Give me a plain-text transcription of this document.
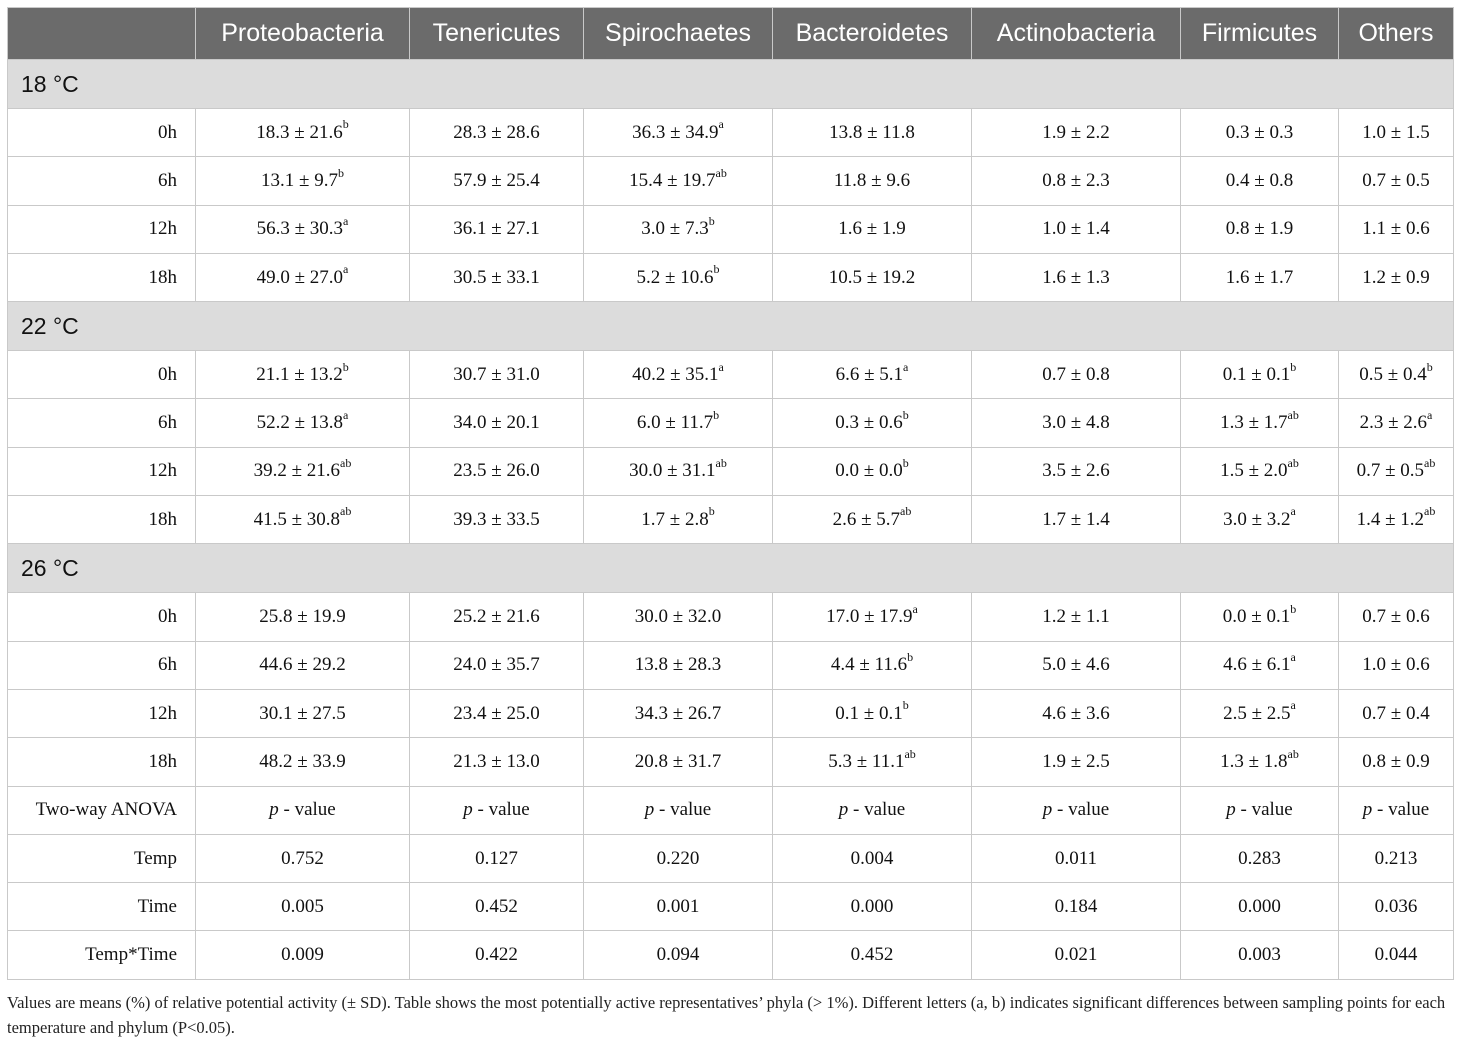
	Proteobacteria	Tenericutes	Spirochaetes	Bacteroidetes	Actinobacteria	Firmicutes	Others
18 °C							
0h	18.3 ± 21.6$^b$	28.3 ± 28.6	36.3 ± 34.9$^a$	13.8 ± 11.8	1.9 ± 2.2	0.3 ± 0.3	1.0 ± 1.5
6h	13.1 ± 9.7$^b$	57.9 ± 25.4	15.4 ± 19.7$^{ab}$	11.8 ± 9.6	0.8 ± 2.3	0.4 ± 0.8	0.7 ± 0.5
12h	56.3 ± 30.3$^a$	36.1 ± 27.1	3.0 ± 7.3$^b$	1.6 ± 1.9	1.0 ± 1.4	0.8 ± 1.9	1.1 ± 0.6
18h	49.0 ± 27.0$^a$	30.5 ± 33.1	5.2 ± 10.6$^b$	10.5 ± 19.2	1.6 ± 1.3	1.6 ± 1.7	1.2 ± 0.9
22 °C							
0h	21.1 ± 13.2$^b$	30.7 ± 31.0	40.2 ± 35.1$^a$	6.6 ± 5.1$^a$	0.7 ± 0.8	0.1 ± 0.1$^b$	0.5 ± 0.4$^b$
6h	52.2 ± 13.8$^a$	34.0 ± 20.1	6.0 ± 11.7$^b$	0.3 ± 0.6$^b$	3.0 ± 4.8	1.3 ± 1.7$^{ab}$	2.3 ± 2.6$^a$
12h	39.2 ± 21.6$^{ab}$	23.5 ± 26.0	30.0 ± 31.1$^{ab}$	0.0 ± 0.0$^b$	3.5 ± 2.6	1.5 ± 2.0$^{ab}$	0.7 ± 0.5$^{ab}$
18h	41.5 ± 30.8$^{ab}$	39.3 ± 33.5	1.7 ± 2.8$^b$	2.6 ± 5.7$^{ab}$	1.7 ± 1.4	3.0 ± 3.2$^a$	1.4 ± 1.2$^{ab}$
26 °C							
0h	25.8 ± 19.9	25.2 ± 21.6	30.0 ± 32.0	17.0 ± 17.9$^a$	1.2 ± 1.1	0.0 ± 0.1$^b$	0.7 ± 0.6
6h	44.6 ± 29.2	24.0 ± 35.7	13.8 ± 28.3	4.4 ± 11.6$^b$	5.0 ± 4.6	4.6 ± 6.1$^a$	1.0 ± 0.6
12h	30.1 ± 27.5	23.4 ± 25.0	34.3 ± 26.7	0.1 ± 0.1$^b$	4.6 ± 3.6	2.5 ± 2.5$^a$	0.7 ± 0.4
18h	48.2 ± 33.9	21.3 ± 13.0	20.8 ± 31.7	5.3 ± 11.1$^{ab}$	1.9 ± 2.5	1.3 ± 1.8$^{ab}$	0.8 ± 0.9
Two-way ANOVA	p - value	p - value	p - value	p - value	p - value	p - value	p - value
Temp	0.752	0.127	0.220	0.004	0.011	0.283	0.213
Time	0.005	0.452	0.001	0.000	0.184	0.000	0.036
Temp*Time	0.009	0.422	0.094	0.452	0.021	0.003	0.044
Values are means (%) of relative potential activity (± SD). Table shows the most potentially active representatives’ phyla (> 1%). Different letters (a, b) indicates significant differences between sampling points for each temperature and phylum (P<0.05).
